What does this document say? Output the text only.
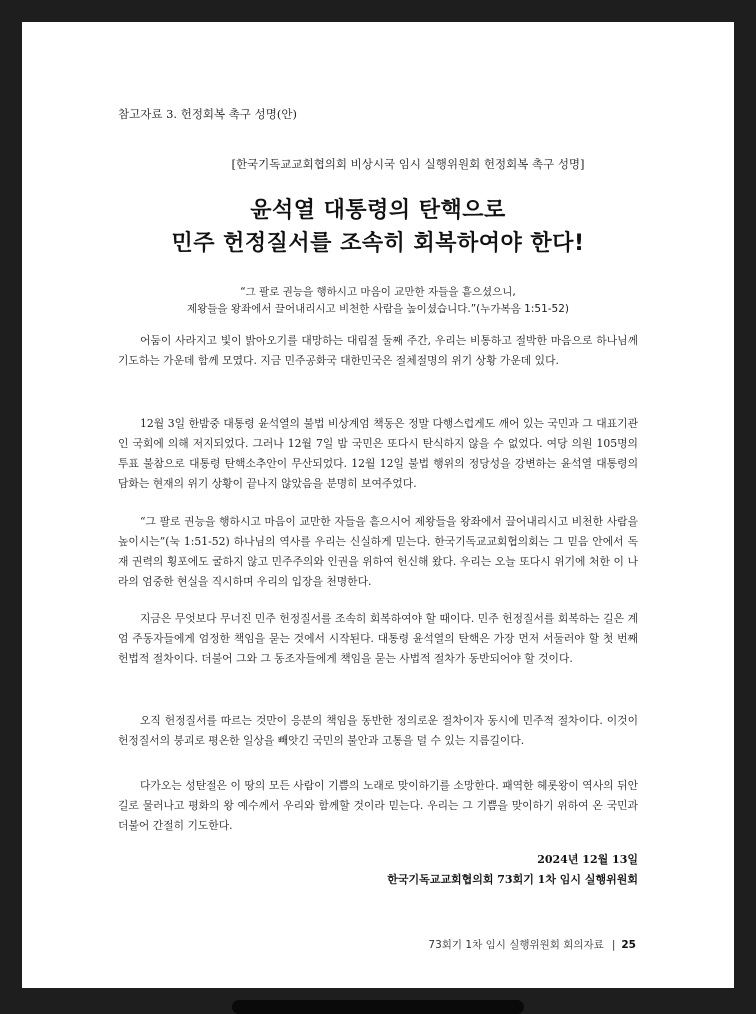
참고자료 3. 헌정회복 촉구 성명(안)
[한국기독교교회협의회 비상시국 임시 실행위원회 헌정회복 촉구 성명]
윤석열 대통령의 탄핵으로
민주 헌정질서를 조속히 회복하여야 한다!
“그 팔로 권능을 행하시고 마음이 교만한 자들을 흩으셨으니,
제왕들을 왕좌에서 끌어내리시고 비천한 사람을 높이셨습니다.”(누가복음 1:51-52)

어둠이 사라지고 빛이 밝아오기를 대망하는 대림절 둘째 주간, 우리는 비통하고 절박한 마음으로 하나님께 기도하는 가운데 함께 모였다. 지금 민주공화국 대한민국은 절체절명의 위기 상황 가운데 있다.

12월 3일 한밤중 대통령 윤석열의 불법 비상계엄 책동은 정말 다행스럽게도 깨어 있는 국민과 그 대표기관인 국회에 의해 저지되었다. 그러나 12월 7일 밤 국민은 또다시 탄식하지 않을 수 없었다. 여당 의원 105명의 투표 불참으로 대통령 탄핵소추안이 무산되었다. 12월 12일 불법 행위의 정당성을 강변하는 윤석열 대통령의 담화는 현재의 위기 상황이 끝나지 않았음을 분명히 보여주었다.

“그 팔로 권능을 행하시고 마음이 교만한 자들을 흩으시어 제왕들을 왕좌에서 끌어내리시고 비천한 사람을 높이시는”(눅 1:51-52) 하나님의 역사를 우리는 신실하게 믿는다. 한국기독교교회협의회는 그 믿음 안에서 독재 권력의 횡포에도 굴하지 않고 민주주의와 인권을 위하여 헌신해 왔다. 우리는 오늘 또다시 위기에 처한 이 나라의 엄중한 현실을 직시하며 우리의 입장을 천명한다.

지금은 무엇보다 무너진 민주 헌정질서를 조속히 회복하여야 할 때이다. 민주 헌정질서를 회복하는 길은 계엄 주동자들에게 엄정한 책임을 묻는 것에서 시작된다. 대통령 윤석열의 탄핵은 가장 먼저 서둘러야 할 첫 번째 헌법적 절차이다. 더불어 그와 그 동조자들에게 책임을 묻는 사법적 절차가 동반되어야 할 것이다.

오직 헌정질서를 따르는 것만이 응분의 책임을 동반한 정의로운 절차이자 동시에 민주적 절차이다. 이것이 헌정질서의 붕괴로 평온한 일상을 빼앗긴 국민의 불안과 고통을 덜 수 있는 지름길이다.

다가오는 성탄절은 이 땅의 모든 사람이 기쁨의 노래로 맞이하기를 소망한다. 패역한 헤롯왕이 역사의 뒤안길로 물러나고 평화의 왕 예수께서 우리와 함께할 것이라 믿는다. 우리는 그 기쁨을 맞이하기 위하여 온 국민과 더불어 간절히 기도한다.

2024년 12월 13일
한국기독교교회협의회 73회기 1차 임시 실행위원회
73회기 1차 임시 실행위원회 회의자료 | 25
